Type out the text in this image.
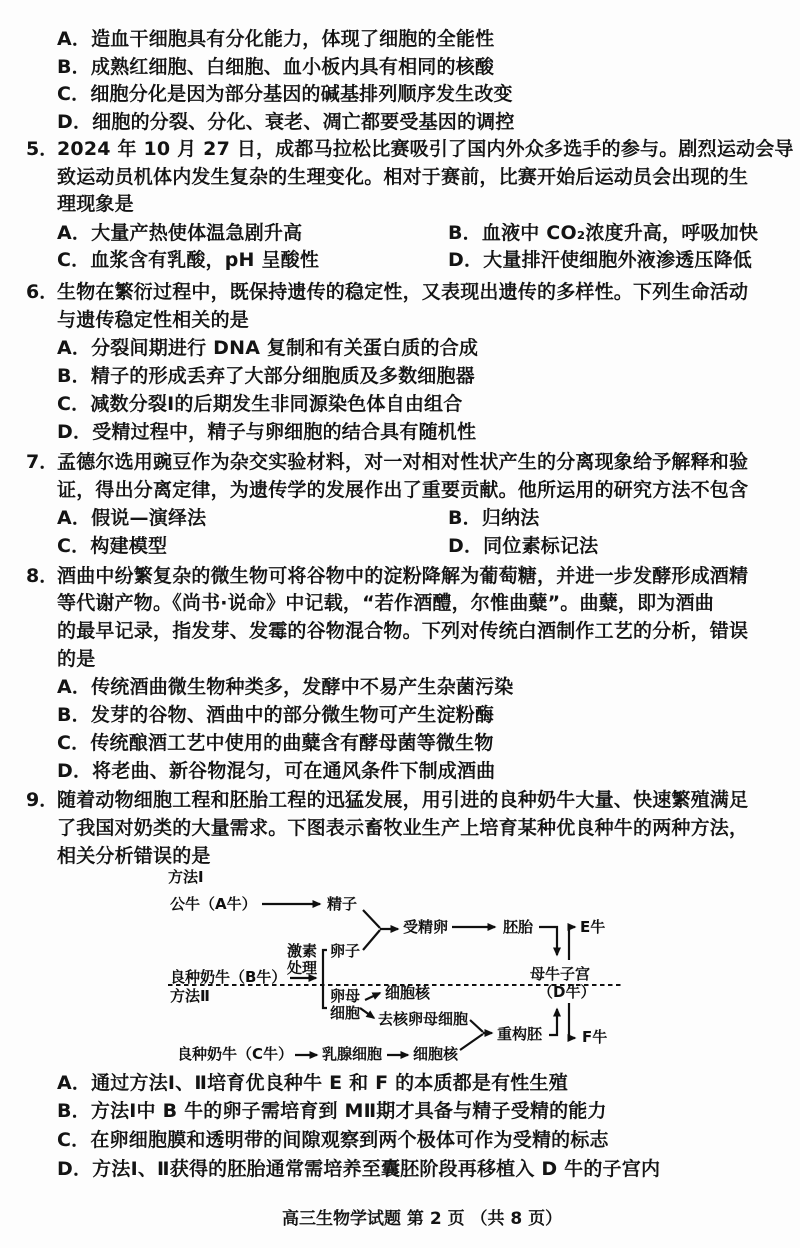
A．造血干细胞具有分化能力，体现了细胞的全能性
B．成熟红细胞、白细胞、血小板内具有相同的核酸
C．细胞分化是因为部分基因的碱基排列顺序发生改变
D．细胞的分裂、分化、衰老、凋亡都要受基因的调控
5．
2024 年 10 月 27 日，成都马拉松比赛吸引了国内外众多选手的参与。剧烈运动会导
致运动员机体内发生复杂的生理变化。相对于赛前，比赛开始后运动员会出现的生
理现象是
A．大量产热使体温急剧升高	B．血液中 CO₂浓度升高，呼吸加快
C．血浆含有乳酸，pH 呈酸性	D．大量排汗使细胞外液渗透压降低
6．
生物在繁衍过程中，既保持遗传的稳定性，又表现出遗传的多样性。下列生命活动
与遗传稳定性相关的是
A．分裂间期进行 DNA 复制和有关蛋白质的合成
B．精子的形成丢弃了大部分细胞质及多数细胞器
C．减数分裂Ⅰ的后期发生非同源染色体自由组合
D．受精过程中，精子与卵细胞的结合具有随机性
7．
孟德尔选用豌豆作为杂交实验材料，对一对相对性状产生的分离现象给予解释和验
证，得出分离定律，为遗传学的发展作出了重要贡献。他所运用的研究方法不包含
A．假说—演绎法	B．归纳法
C．构建模型	D．同位素标记法
8．
酒曲中纷繁复杂的微生物可将谷物中的淀粉降解为葡萄糖，并进一步发酵形成酒精
等代谢产物。《尚书·说命》中记载，“若作酒醴，尔惟曲糵”。曲糵，即为酒曲
的最早记录，指发芽、发霉的谷物混合物。下列对传统白酒制作工艺的分析，错误
的是
A．传统酒曲微生物种类多，发酵中不易产生杂菌污染
B．发芽的谷物、酒曲中的部分微生物可产生淀粉酶
C．传统酿酒工艺中使用的曲糵含有酵母菌等微生物
D．将老曲、新谷物混匀，可在通风条件下制成酒曲
9．
随着动物细胞工程和胚胎工程的迅猛发展，用引进的良种奶牛大量、快速繁殖满足
了我国对奶类的大量需求。下图表示畜牧业生产上培育某种优良种牛的两种方法，
相关分析错误的是
方法Ⅰ
公牛（A牛）	精子
受精卵	胚胎	E牛
激素
处理
卵子
良种奶牛（B牛）
方法Ⅱ	卵母
细胞
细胞核
去核卵母细胞
重构胚
母牛子宫
（D牛）
F牛
良种奶牛（C牛） 乳腺细胞 细胞核
A．通过方法Ⅰ、Ⅱ培育优良种牛 E 和 F 的本质都是有性生殖
B．方法Ⅰ中 B 牛的卵子需培育到 MⅡ期才具备与精子受精的能力
C．在卵细胞膜和透明带的间隙观察到两个极体可作为受精的标志
D．方法Ⅰ、Ⅱ获得的胚胎通常需培养至囊胚阶段再移植入 D 牛的子宫内
高三生物学试题 第 2 页 （共 8 页）
